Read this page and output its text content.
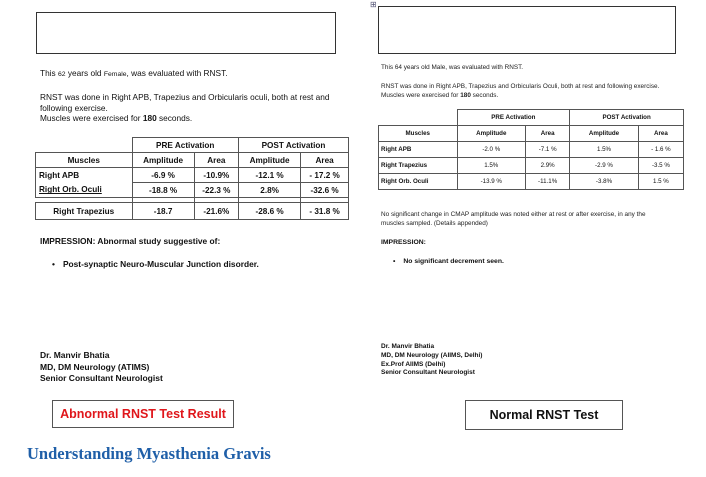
This 62 years old Female, was evaluated with RNST.
RNST was done in Right APB, Trapezius and Orbicularis oculi, both at rest and
following exercise.
Muscles were exercised for 180 seconds.
	PRE Activation		POST Activation	
Muscles	Amplitude	Area	Amplitude	Area
Right APB	-6.9 %	-10.9%	-12.1 %	- 17.2 %
Right Orb. Oculi	-18.8 %	-22.3 %	2.8%	-32.6 %

Right Trapezius	-18.7	-21.6%	-28.6 %	- 31.8 %
IMPRESSION: Abnormal study suggestive of:
• Post-synaptic Neuro-Muscular Junction disorder.
Dr. Manvir Bhatia
MD, DM Neurology (ATIMS)
Senior Consultant Neurologist
Abnormal RNST Test Result
⊞
This 64 years old Male, was evaluated with RNST.
RNST was done in Right APB, Trapezius and Orbicularis Oculi, both at rest and following exercise.
Muscles were exercised for 180 seconds.
	PRE Activation		POST Activation	
Muscles	Amplitude	Area	Amplitude	Area
Right APB	-2.0 %	-7.1 %	1.5%	- 1.6 %
Right Trapezius	1.5%	2.9%	-2.9 %	-3.5 %
Right Orb. Oculi	-13.9 %	-11.1%	-3.8%	1.5 %
No significant change in CMAP amplitude was noted either at rest or after exercise, in any the
muscles sampled. (Details appended)
IMPRESSION:
• No significant decrement seen.
Dr. Manvir Bhatia
MD, DM Neurology (AIIMS, Delhi)
Ex.Prof AIIMS (Delhi)
Senior Consultant Neurologist
Normal RNST Test
Understanding Myasthenia Gravis
